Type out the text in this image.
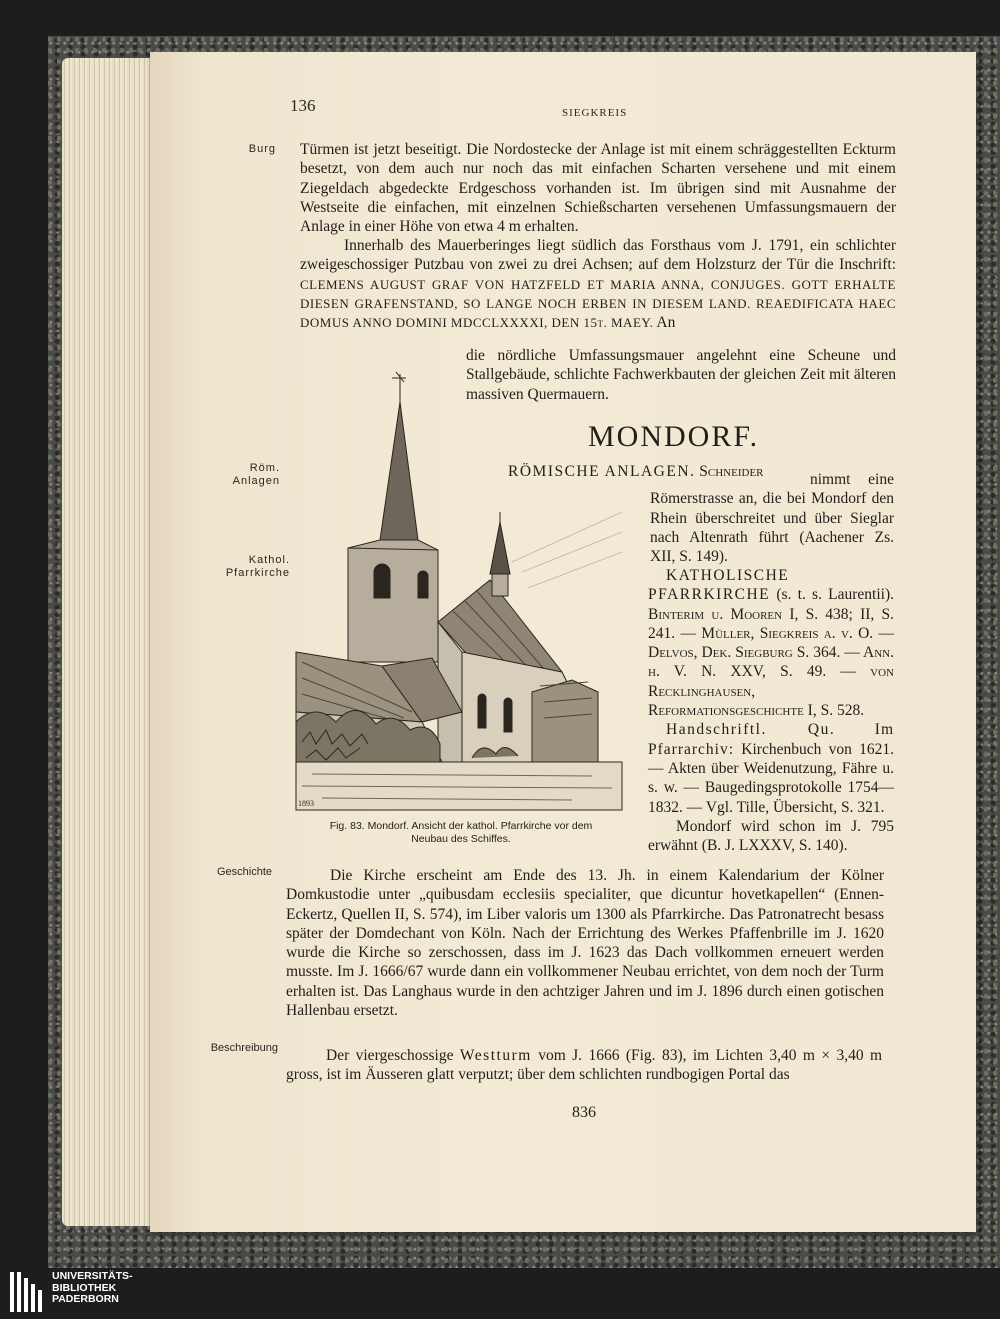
136	SIEGKREIS
Burg
Röm.
Anlagen
Kathol.
Pfarrkirche
Geschichte
Beschreibung

Türmen ist jetzt beseitigt. Die Nordostecke der Anlage ist mit einem schräggestellten Eckturm besetzt, von dem auch nur noch das mit einfachen Scharten versehene und mit einem Ziegeldach abgedeckte Erdgeschoss vorhanden ist. Im übrigen sind mit Ausnahme der Westseite die einfachen, mit einzelnen Schießscharten versehenen Umfassungsmauern der Anlage in einer Höhe von etwa 4 m erhalten.

Innerhalb des Mauerberinges liegt südlich das Forsthaus vom J. 1791, ein schlichter zweigeschossiger Putzbau von zwei zu drei Achsen; auf dem Holzsturz der Tür die Inschrift: CLEMENS AUGUST GRAF VON HATZFELD ET MARIA ANNA, CONJUGES. GOTT ERHALTE DIESEN GRAFENSTAND, SO LANGE NOCH ERBEN IN DIESEM LAND. REAEDIFICATA HAEC DOMUS ANNO DOMINI MDCCLXXXXI, DEN 15t. MAEY. An

die nördliche Umfassungsmauer angelehnt eine Scheune und Stallgebäude, schlichte Fachwerkbauten der gleichen Zeit mit älteren massiven Quermauern.
MONDORF.
RÖMISCHE ANLAGEN. Schneider	nimmt eine Römerstrasse an, die bei Mondorf den Rhein überschreitet und über Sieglar nach Altenrath führt (Aachener Zs. XII, S. 149).

KATHOLISCHE PFARRKIRCHE (s. t. s. Laurentii). Binterim u. Mooren I, S. 438; II, S. 241. — Müller, Siegkreis a. v. O. — Delvos, Dek. Siegburg S. 364. — Ann. h. V. N. XXV, S. 49. — von Recklinghausen, Reformationsgeschichte I, S. 528.

Handschriftl. Qu.	Im Pfarrarchiv: Kirchenbuch von 1621. — Akten über Weidenutzung, Fähre u. s. w. — Baugedingsprotokolle 1754—1832. — Vgl. Tille, Übersicht, S. 321.

Mondorf wird schon im J. 795 erwähnt (B. J. LXXXV, S. 140).

1893
Fig. 83. Mondorf. Ansicht der kathol. Pfarrkirche vor dem
Neubau des Schiffes.

Die Kirche erscheint am Ende des 13. Jh. in einem Kalendarium der Kölner Domkustodie unter „quibusdam ecclesiis specialiter, que dicuntur hovetkapellen“ (Ennen-Eckertz, Quellen II, S. 574), im Liber valoris um 1300 als Pfarrkirche. Das Patronatrecht besass später der Domdechant von Köln. Nach der Errichtung des Werkes Pfaffenbrille im J. 1620 wurde die Kirche so zerschossen, dass im J. 1623 das Dach vollkommen erneuert werden musste. Im J. 1666/67 wurde dann ein vollkommener Neubau errichtet, von dem noch der Turm erhalten ist. Das Langhaus wurde in den achtziger Jahren und im J. 1896 durch einen gotischen Hallenbau ersetzt.

Der viergeschossige Westturm vom J. 1666 (Fig. 83), im Lichten 3,40 m × 3,40 m gross, ist im Äusseren glatt verputzt; über dem schlichten rundbogigen Portal das

836
UNIVERSITÄTS-
BIBLIOTHEK
PADERBORN
